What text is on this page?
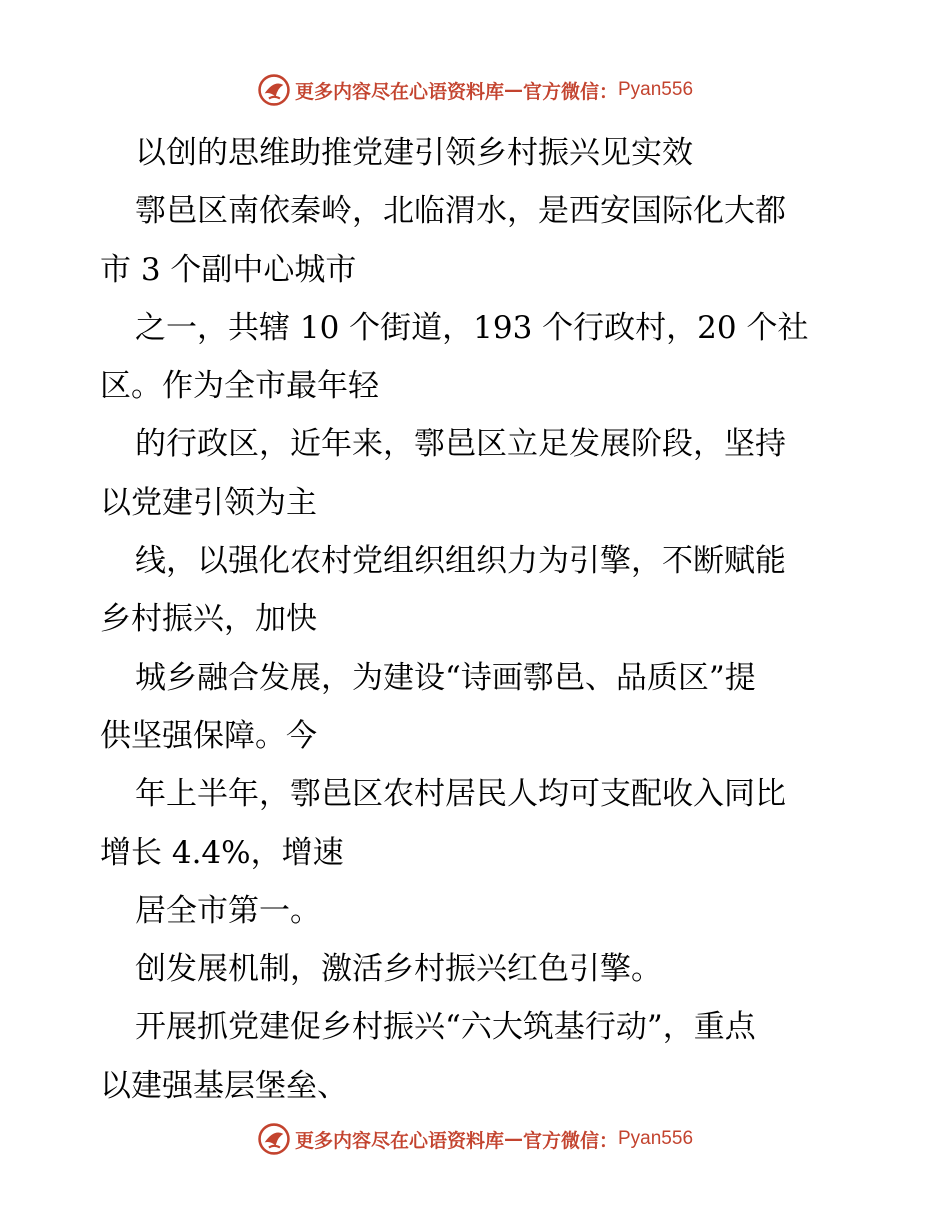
更多内容尽在心语资料库 — 官方微信： Pyan556

以创的思维助推党建引领乡村振兴见实效

鄠邑区南依秦岭，北临渭水，是西安国际化大都
市 3 个副中心城市

之一，共辖 10 个街道，193 个行政村，20 个社
区。作为全市最年轻

的行政区，近年来，鄠邑区立足发展阶段，坚持
以党建引领为主

线，以强化农村党组织组织力为引擎，不断赋能
乡村振兴，加快

城乡融合发展，为建设“诗画鄠邑、品质区”提
供坚强保障。今

年上半年，鄠邑区农村居民人均可支配收入同比
增长 4.4%，增速

居全市第一。

创发展机制，激活乡村振兴红色引擎。

开展抓党建促乡村振兴“六大筑基行动”，重点
以建强基层堡垒、

更多内容尽在心语资料库 — 官方微信： Pyan556
